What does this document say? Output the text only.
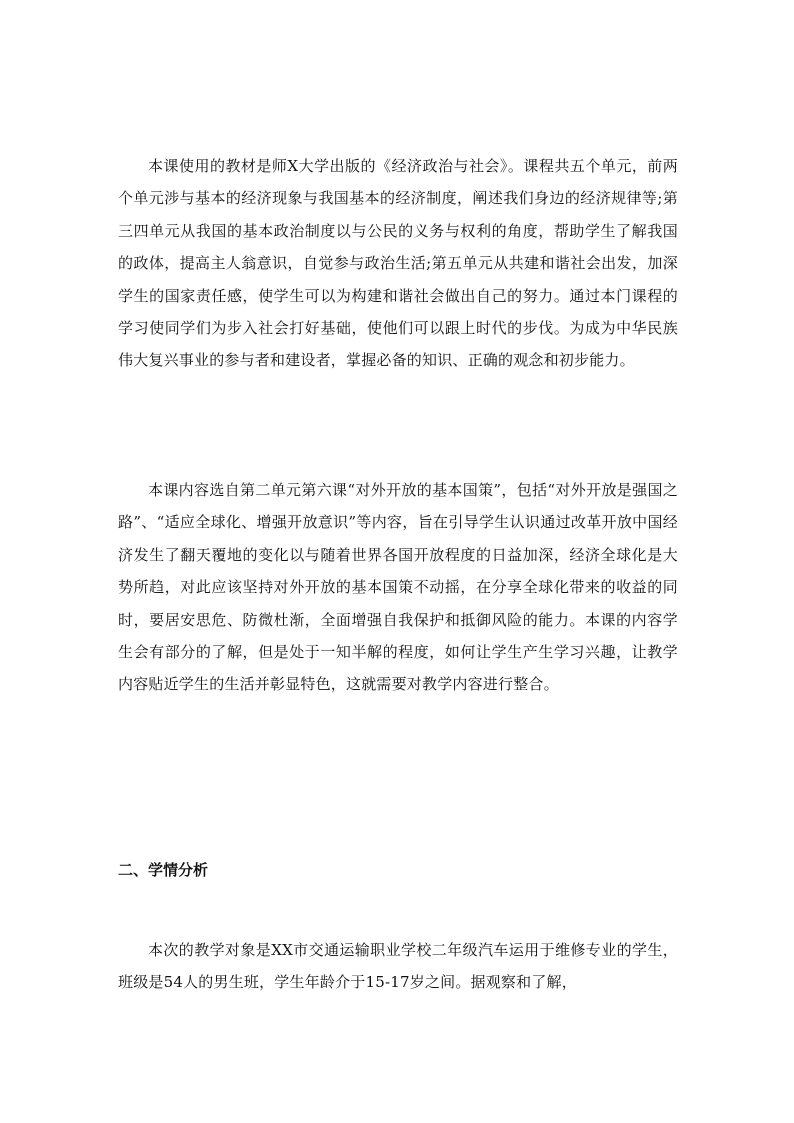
本课使用的教材是师X大学出版的《经济政治与社会》。课程共五个单元，前两个单元涉与基本的经济现象与我国基本的经济制度，阐述我们身边的经济规律等;第三四单元从我国的基本政治制度以与公民的义务与权利的角度，帮助学生了解我国的政体，提高主人翁意识，自觉参与政治生活;第五单元从共建和谐社会出发，加深学生的国家责任感，使学生可以为构建和谐社会做出自己的努力。通过本门课程的学习使同学们为步入社会打好基础，使他们可以跟上时代的步伐。为成为中华民族伟大复兴事业的参与者和建设者，掌握必备的知识、正确的观念和初步能力。

本课内容选自第二单元第六课“对外开放的基本国策”，包括“对外开放是强国之路”、“适应全球化、增强开放意识”等内容，旨在引导学生认识通过改革开放中国经济发生了翻天覆地的变化以与随着世界各国开放程度的日益加深，经济全球化是大势所趋，对此应该坚持对外开放的基本国策不动摇，在分享全球化带来的收益的同时，要居安思危、防微杜渐，全面增强自我保护和抵御风险的能力。本课的内容学生会有部分的了解，但是处于一知半解的程度，如何让学生产生学习兴趣，让教学内容贴近学生的生活并彰显特色，这就需要对教学内容进行整合。

二、学情分析

本次的教学对象是XX市交通运输职业学校二年级汽车运用于维修专业的学生，班级是54人的男生班，学生年龄介于15-17岁之间。据观察和了解，
